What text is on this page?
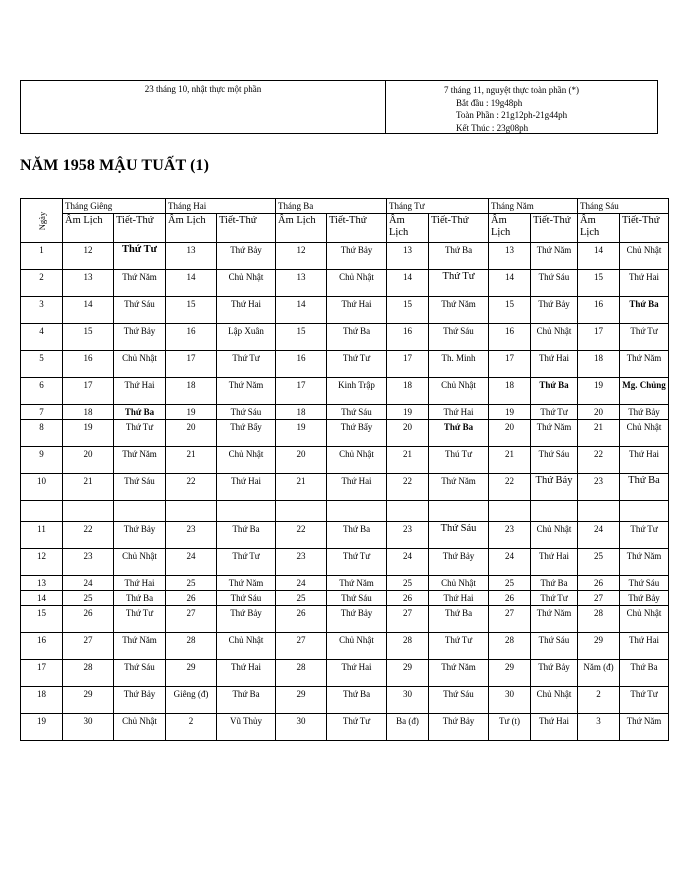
23 tháng 10, nhật thực một phần	7 tháng 11, nguyệt thực toàn phần (*)
Bắt đầu : 19g48ph
Toàn Phần : 21g12ph-21g44ph
Kết Thúc : 23g08ph
NĂM 1958 MẬU TUẤT (1)
Ngày	Tháng Giêng		Tháng Hai		Tháng Ba		Tháng Tư		Tháng Năm		Tháng Sáu	
	Âm Lịch	Tiết-Thứ	Âm Lịch	Tiết-Thứ	Âm Lịch	Tiết-Thứ	Âm Lịch	Tiết-Thứ	Âm Lịch	Tiết-Thứ	Âm Lịch	Tiết-Thứ
1	12	Thứ Tư	13	Thứ Bảy	12	Thứ Bảy	13	Thứ Ba	13	Thứ Năm	14	Chủ Nhật
2	13	Thứ Năm	14	Chủ Nhật	13	Chủ Nhật	14	Thứ Tư	14	Thứ Sáu	15	Thứ Hai
3	14	Thứ Sáu	15	Thứ Hai	14	Thứ Hai	15	Thứ Năm	15	Thứ Bảy	16	Thứ Ba
4	15	Thứ Bảy	16	Lập Xuân	15	Thứ Ba	16	Thứ Sáu	16	Chủ Nhật	17	Thứ Tư
5	16	Chủ Nhật	17	Thứ Tư	16	Thứ Tư	17	Th. Minh	17	Thứ Hai	18	Thứ Năm
6	17	Thứ Hai	18	Thứ Năm	17	Kinh Trập	18	Chủ Nhật	18	Thứ Ba	19	Mg. Chủng
7	18	Thứ Ba	19	Thứ Sáu	18	Thứ Sáu	19	Thứ Hai	19	Thứ Tư	20	Thứ Bảy
8	19	Thứ Tư	20	Thứ Bẩy	19	Thứ Bẩy	20	Thứ Ba	20	Thứ Năm	21	Chủ Nhật
9	20	Thứ Năm	21	Chủ Nhật	20	Chủ Nhật	21	Thú Tư	21	Thứ Sáu	22	Thứ Hai
10	21	Thứ Sáu	22	Thứ Hai	21	Thứ Hai	22	Thứ Năm	22	Thứ Bảy	23	Thứ Ba

11	22	Thứ Bảy	23	Thứ Ba	22	Thứ Ba	23	Thứ Sáu	23	Chủ Nhật	24	Thứ Tư
12	23	Chủ Nhật	24	Thứ Tư	23	Thứ Tư	24	Thứ Bảy	24	Thứ Hai	25	Thứ Năm
13	24	Thứ Hai	25	Thứ Năm	24	Thứ Năm	25	Chủ Nhật	25	Thứ Ba	26	Thứ Sáu
14	25	Thứ Ba	26	Thứ Sáu	25	Thứ Sáu	26	Thứ Hai	26	Thứ Tư	27	Thứ Bảy
15	26	Thứ Tư	27	Thứ Bảy	26	Thứ Bảy	27	Thứ Ba	27	Thứ Năm	28	Chủ Nhật
16	27	Thứ Năm	28	Chủ Nhật	27	Chủ Nhật	28	Thứ Tư	28	Thứ Sáu	29	Thứ Hai
17	28	Thứ Sáu	29	Thứ Hai	28	Thứ Hai	29	Thứ Năm	29	Thứ Bảy	Năm (đ)	Thứ Ba
18	29	Thứ Bảy	Giêng (đ)	Thứ Ba	29	Thứ Ba	30	Thứ Sáu	30	Chủ Nhật	2	Thứ Tư
19	30	Chủ Nhật	2	Vũ Thủy	30	Thứ Tư	Ba (đ)	Thứ Bảy	Tư (t)	Thứ Hai	3	Thứ Năm
